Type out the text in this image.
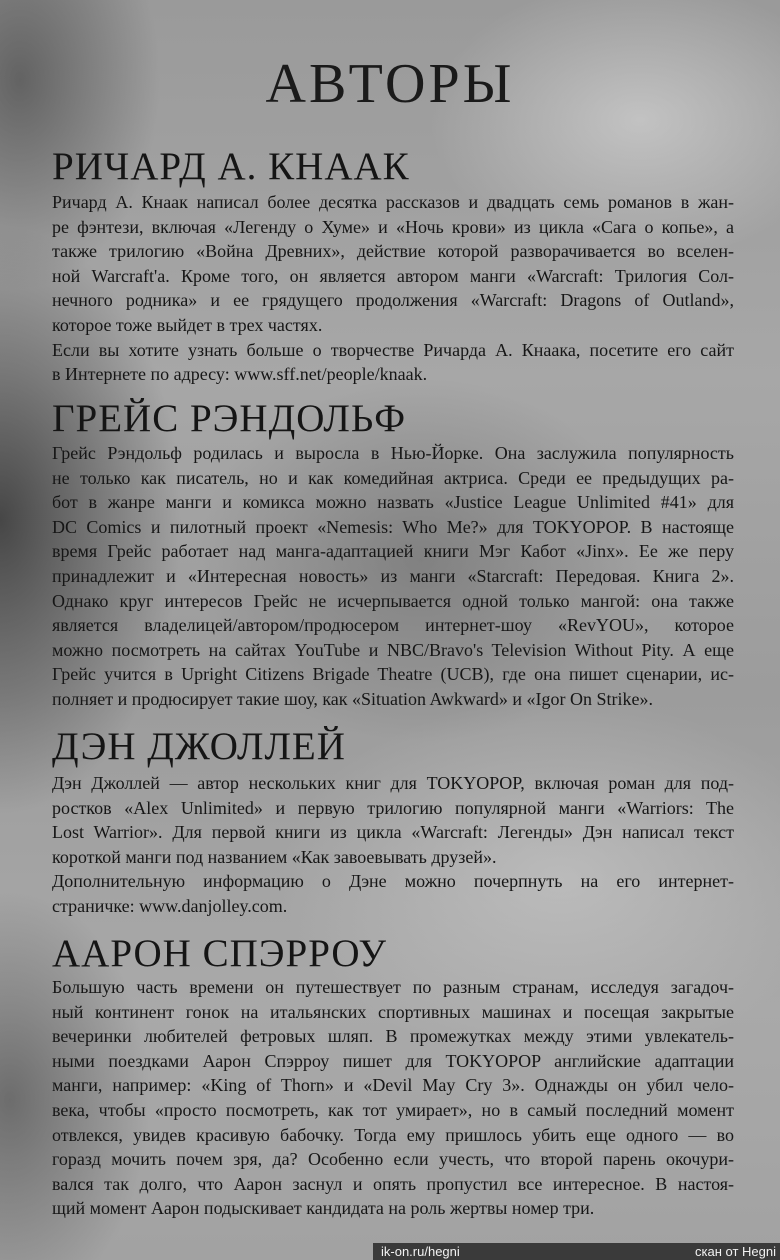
АВТОРЫ
РИЧАРД А. КНААК
Ричард А. Кнаак написал более десятка рассказов и двадцать семь романов в жан-
ре фэнтези, включая «Легенду о Хуме» и «Ночь крови» из цикла «Сага о копье», а
также трилогию «Война Древних», действие которой разворачивается во вселен-
ной Warcraft'а. Кроме того, он является автором манги «Warcraft: Трилогия Сол-
нечного родника» и ее грядущего продолжения «Warcraft: Dragons of Outland»,
которое тоже выйдет в трех частях.
Если вы хотите узнать больше о творчестве Ричарда А. Кнаака, посетите его сайт
в Интернете по адресу: www.sff.net/people/knaak.
ГРЕЙС РЭНДОЛЬФ
Грейс Рэндольф родилась и выросла в Нью-Йорке. Она заслужила популярность
не только как писатель, но и как комедийная актриса. Среди ее предыдущих ра-
бот в жанре манги и комикса можно назвать «Justice League Unlimited #41» для
DC Comics и пилотный проект «Nemesis: Who Me?» для TOKYOPOP. В настояще
время Грейс работает над манга-адаптацией книги Мэг Кабот «Jinx». Ее же перу
принадлежит и «Интересная новость» из манги «Starcraft: Передовая. Книга 2».
Однако круг интересов Грейс не исчерпывается одной только мангой: она также
является владелицей/автором/продюсером интернет-шоу «RevYOU», которое
можно посмотреть на сайтах YouTube и NBC/Bravo's Television Without Pity. А еще
Грейс учится в Upright Citizens Brigade Theatre (UCB), где она пишет сценарии, ис-
полняет и продюсирует такие шоу, как «Situation Awkward» и «Igor On Strike».
ДЭН ДЖОЛЛЕЙ
Дэн Джоллей — автор нескольких книг для TOKYOPOP, включая роман для под-
ростков «Alex Unlimited» и первую трилогию популярной манги «Warriors: The
Lost Warrior». Для первой книги из цикла «Warcraft: Легенды» Дэн написал текст
короткой манги под названием «Как завоевывать друзей».
Дополнительную информацию о Дэне можно почерпнуть на его интернет-
страничке: www.danjolley.com.
ААРОН СПЭРРОУ
Большую часть времени он путешествует по разным странам, исследуя загадоч-
ный континент гонок на итальянских спортивных машинах и посещая закрытые
вечеринки любителей фетровых шляп. В промежутках между этими увлекатель-
ными поездками Аарон Спэрроу пишет для TOKYOPOP английские адаптации
манги, например: «King of Thorn» и «Devil May Cry 3». Однажды он убил чело-
века, чтобы «просто посмотреть, как тот умирает», но в самый последний момент
отвлекся, увидев красивую бабочку. Тогда ему пришлось убить еще одного — во
горазд мочить почем зря, да? Особенно если учесть, что второй парень окочури-
вался так долго, что Аарон заснул и опять пропустил все интересное. В настоя-
щий момент Аарон подыскивает кандидата на роль жертвы номер три.
ik-on.ru/hegni	скан от Hegni
